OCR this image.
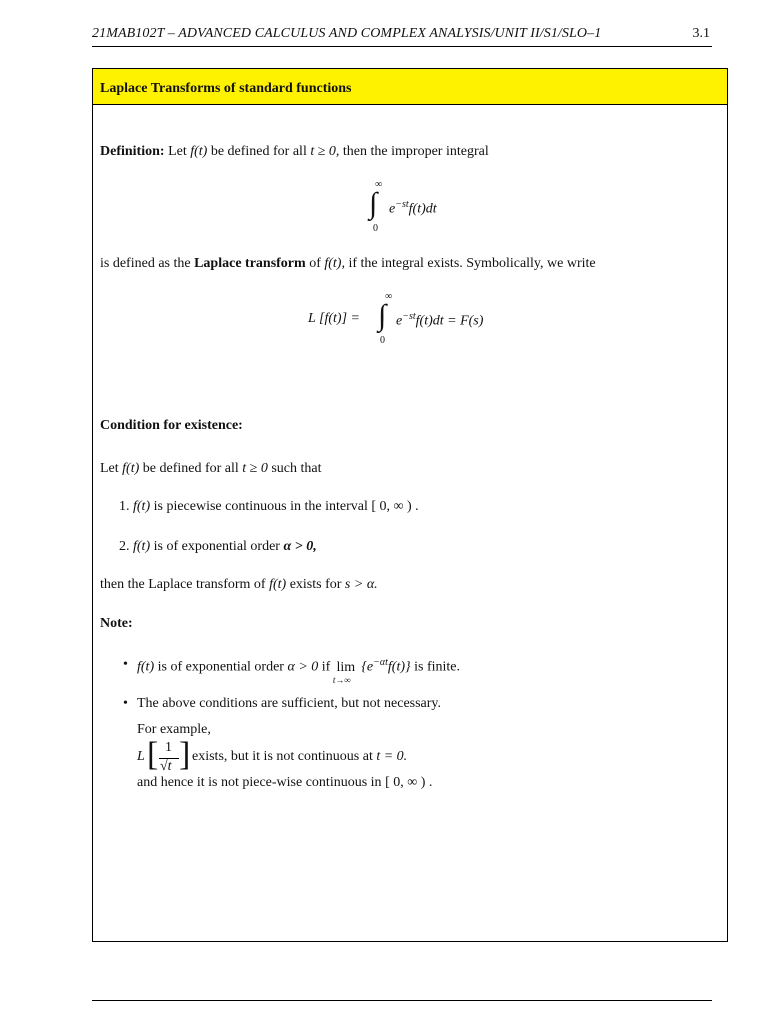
21MAB102T – ADVANCED CALCULUS AND COMPLEX ANALYSIS/UNIT II/S1/SLO–1	3.1
Laplace Transforms of standard functions
Definition: Let f(t) be defined for all t ≥ 0, then the improper integral
∞
∫
0
$e^{-st}f(t)dt$
is defined as the Laplace transform of f(t), if the integral exists. Symbolically, we write
L [f(t)] =
∞
∫
0
$e^{-st}f(t)dt = F(s)$
Condition for existence:
Let f(t) be defined for all t ≥ 0 such that
1. f(t) is piecewise continuous in the interval [ 0, ∞ ) .
2. f(t) is of exponential order α > 0,
then the Laplace transform of f(t) exists for s > α.
Note:
• f(t) is of exponential order α > 0 if lim
t→∞
$\{e^{-\alpha t}f(t)\}$ is finite.
• The above conditions are sufficient, but not necessary.
For example,
L [ 1
√t ] exists, but it is not continuous at t = 0.
and hence it is not piece-wise continuous in [ 0, ∞ ) .
